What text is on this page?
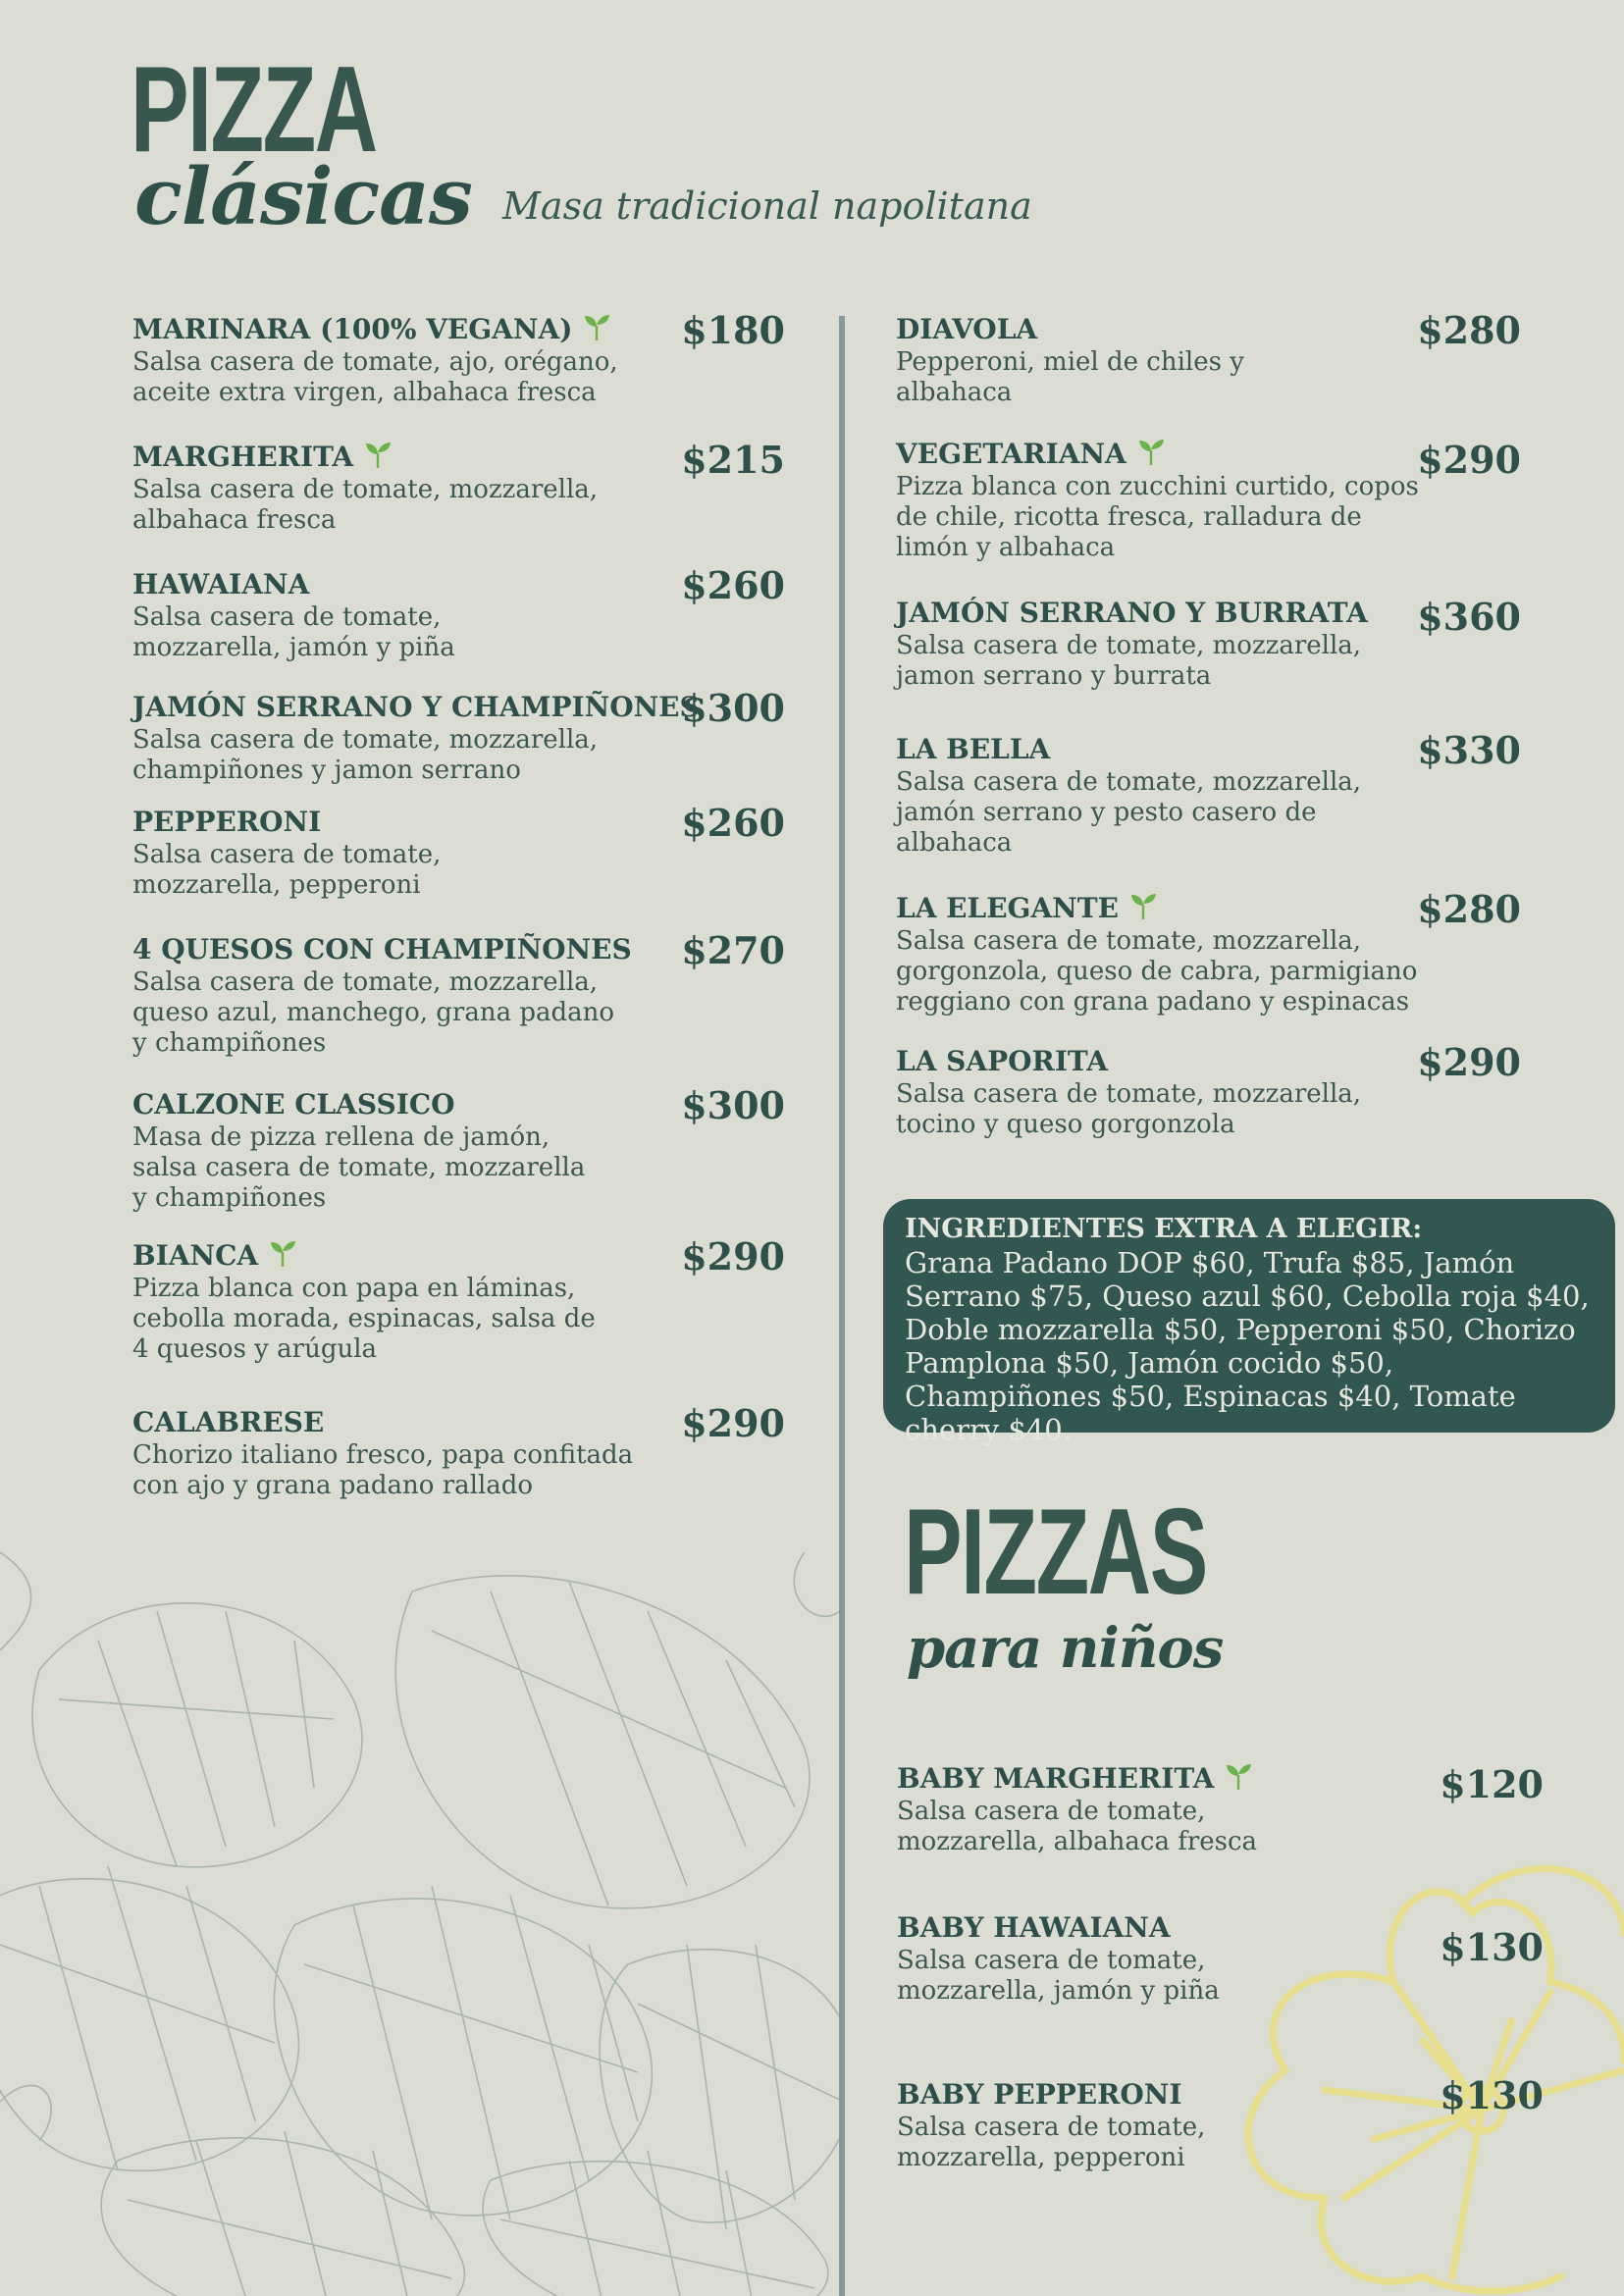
PIZZA
clásicas Masa tradicional napolitana
MARINARA (100% VEGANA)
Salsa casera de tomate, ajo, orégano,
aceite extra virgen, albahaca fresca
$180
MARGHERITA
Salsa casera de tomate, mozzarella,
albahaca fresca
$215
HAWAIANA
Salsa casera de tomate,
mozzarella, jamón y piña
$260
JAMÓN SERRANO Y CHAMPIÑONES
Salsa casera de tomate, mozzarella,
champiñones y jamon serrano
$300
PEPPERONI
Salsa casera de tomate,
mozzarella, pepperoni
$260
4 QUESOS CON CHAMPIÑONES
Salsa casera de tomate, mozzarella,
queso azul, manchego, grana padano
y champiñones
$270
CALZONE CLASSICO
Masa de pizza rellena de jamón,
salsa casera de tomate, mozzarella
y champiñones
$300
BIANCA
Pizza blanca con papa en láminas,
cebolla morada, espinacas, salsa de
4 quesos y arúgula
$290
CALABRESE
Chorizo italiano fresco, papa confitada
con ajo y grana padano rallado
$290
DIAVOLA
Pepperoni, miel de chiles y
albahaca
$280
VEGETARIANA
Pizza blanca con zucchini curtido, copos
de chile, ricotta fresca, ralladura de
limón y albahaca
$290
JAMÓN SERRANO Y BURRATA
Salsa casera de tomate, mozzarella,
jamon serrano y burrata
$360
LA BELLA
Salsa casera de tomate, mozzarella,
jamón serrano y pesto casero de
albahaca
$330
LA ELEGANTE
Salsa casera de tomate, mozzarella,
gorgonzola, queso de cabra, parmigiano
reggiano con grana padano y espinacas
$280
LA SAPORITA
Salsa casera de tomate, mozzarella,
tocino y queso gorgonzola
$290
INGREDIENTES EXTRA A ELEGIR:
Grana Padano DOP $60, Trufa $85, Jamón Serrano $75, Queso azul $60, Cebolla roja $40, Doble mozzarella $50, Pepperoni $50, Chorizo Pamplona $50, Jamón cocido $50, Champiñones $50, Espinacas $40, Tomate cherry $40.
PIZZAS
para niños
BABY MARGHERITA
Salsa casera de tomate,
mozzarella, albahaca fresca
$120
BABY HAWAIANA
Salsa casera de tomate,
mozzarella, jamón y piña
$130
BABY PEPPERONI
Salsa casera de tomate,
mozzarella, pepperoni
$130
